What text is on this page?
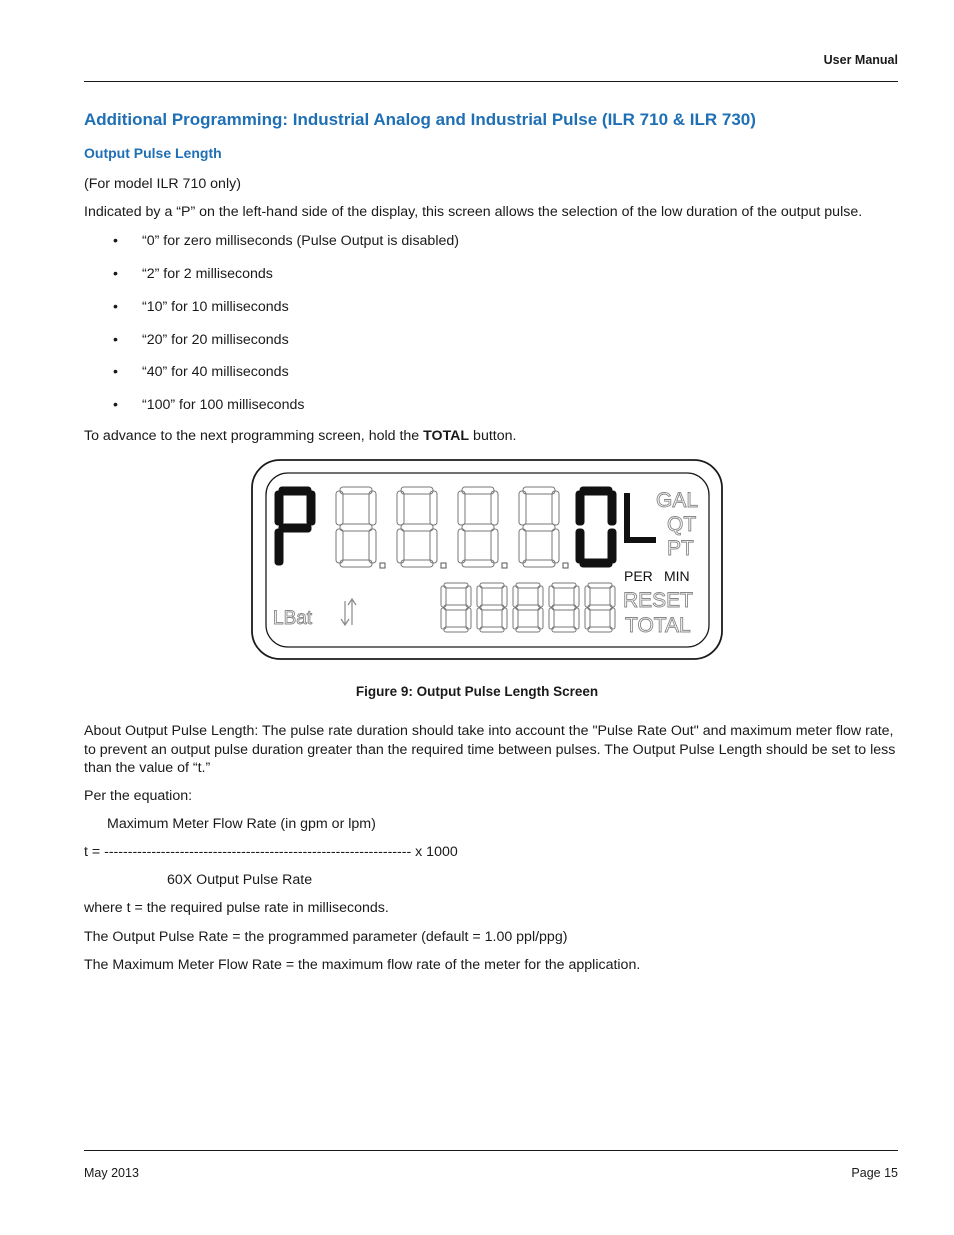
User Manual
Additional Programming: Industrial Analog and Industrial Pulse (ILR 710 & ILR 730)
Output Pulse Length
(For model ILR 710 only)
Indicated by a “P” on the left-hand side of the display, this screen allows the selection of the low duration of the output pulse.
•	“0” for zero milliseconds (Pulse Output is disabled)
•	“2” for 2 milliseconds
•	“10” for 10 milliseconds
•	“20” for 20 milliseconds
•	“40” for 40 milliseconds
•	“100” for 100 milliseconds
To advance to the next programming screen, hold the TOTAL button.
GAL
QT
PT
PER MIN
RESET
TOTAL
LBat
Figure 9: Output Pulse Length Screen
About Output Pulse Length: The pulse rate duration should take into account the "Pulse Rate Out" and maximum meter flow rate, to prevent an output pulse duration greater than the required time between pulses. The Output Pulse Length should be set to less than the value of “t.”
Per the equation:
Maximum Meter Flow Rate (in gpm or lpm)
t = ----------------------------------------------------------------- x 1000
60X Output Pulse Rate
where t = the required pulse rate in milliseconds.
The Output Pulse Rate = the programmed parameter (default = 1.00 ppl/ppg)
The Maximum Meter Flow Rate = the maximum flow rate of the meter for the application.
May 2013	Page 15
